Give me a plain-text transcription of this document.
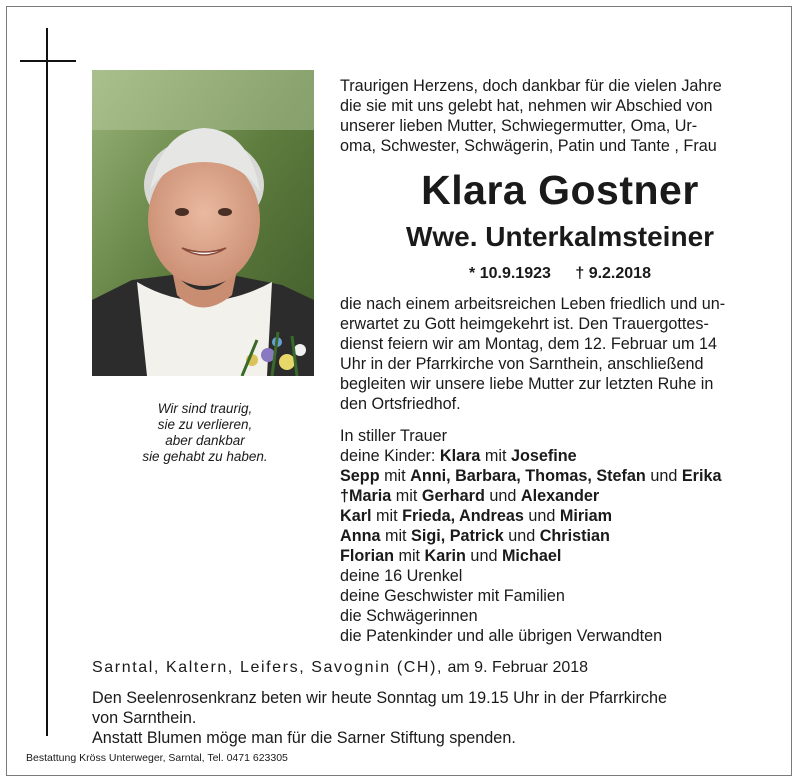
Wir sind traurig,
sie zu verlieren,
aber dankbar
sie gehabt zu haben.
Traurigen Herzens, doch dankbar für die vielen Jahre
die sie mit uns gelebt hat, nehmen wir Abschied von
unserer lieben Mutter, Schwiegermutter, Oma, Ur-
oma, Schwester, Schwägerin, Patin und Tante , Frau
Klara Gostner
Wwe. Unterkalmsteiner
* 10.9.1923 † 9.2.2018
die nach einem arbeitsreichen Leben friedlich und un-
erwartet zu Gott heimgekehrt ist. Den Trauergottes-
dienst feiern wir am Montag, dem 12. Februar um 14
Uhr in der Pfarrkirche von Sarnthein, anschließend
begleiten wir unsere liebe Mutter zur letzten Ruhe in
den Ortsfriedhof.
In stiller Trauer
deine Kinder: Klara mit Josefine
Sepp mit Anni, Barbara, Thomas, Stefan und Erika
†Maria mit Gerhard und Alexander
Karl mit Frieda, Andreas und Miriam
Anna mit Sigi, Patrick und Christian
Florian mit Karin und Michael
deine 16 Urenkel
deine Geschwister mit Familien
die Schwägerinnen
die Patenkinder und alle übrigen Verwandten
Sarntal, Kaltern, Leifers, Savognin (CH), am 9. Februar 2018
Den Seelenrosenkranz beten wir heute Sonntag um 19.15 Uhr in der Pfarrkirche
von Sarnthein.
Anstatt Blumen möge man für die Sarner Stiftung spenden.
Bestattung Kröss Unterweger, Sarntal, Tel. 0471 623305
